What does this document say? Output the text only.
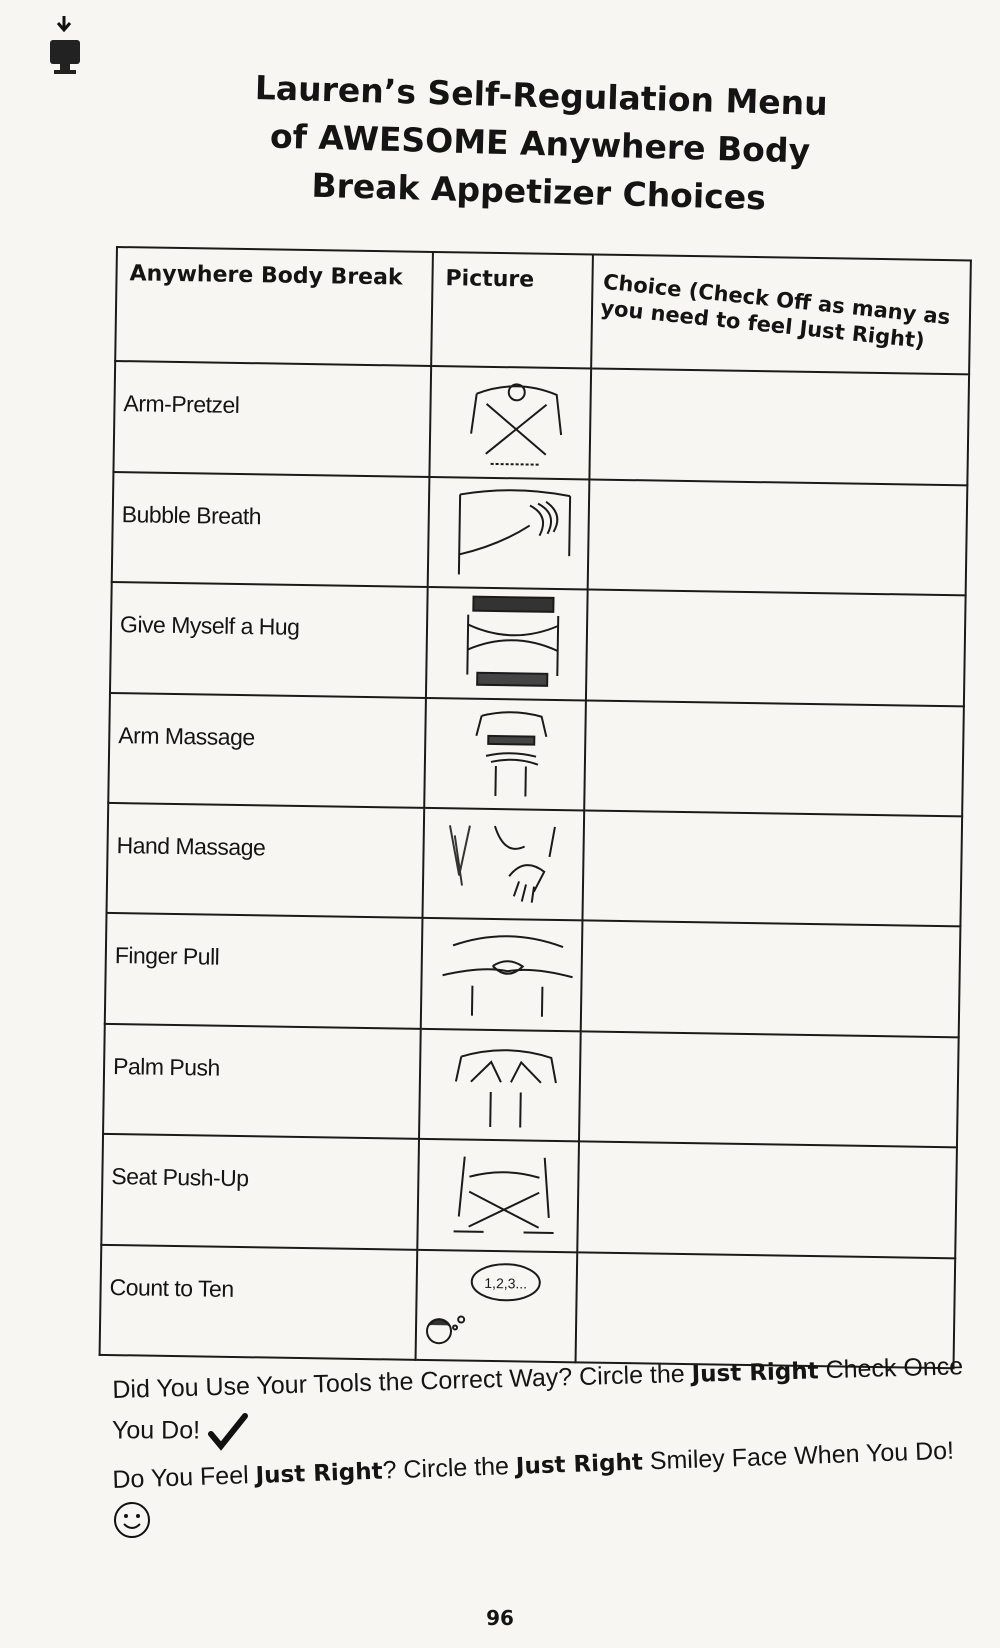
Lauren’s Self-Regulation Menu
of AWESOME Anywhere Body
Break Appetizer Choices
Anywhere Body Break	Picture	Choice (Check Off as many as you need to feel Just Right)

Arm-Pretzel

Bubble Breath

Give Myself a Hug

Arm Massage

Hand Massage

Finger Pull

Palm Push

Seat Push-Up

Count to Ten	1,2,3...	

Did You Use Your Tools the Correct Way? Circle the Just Right Check Once
You Do!
Do You Feel Just Right? Circle the Just Right Smiley Face When You Do!
96
